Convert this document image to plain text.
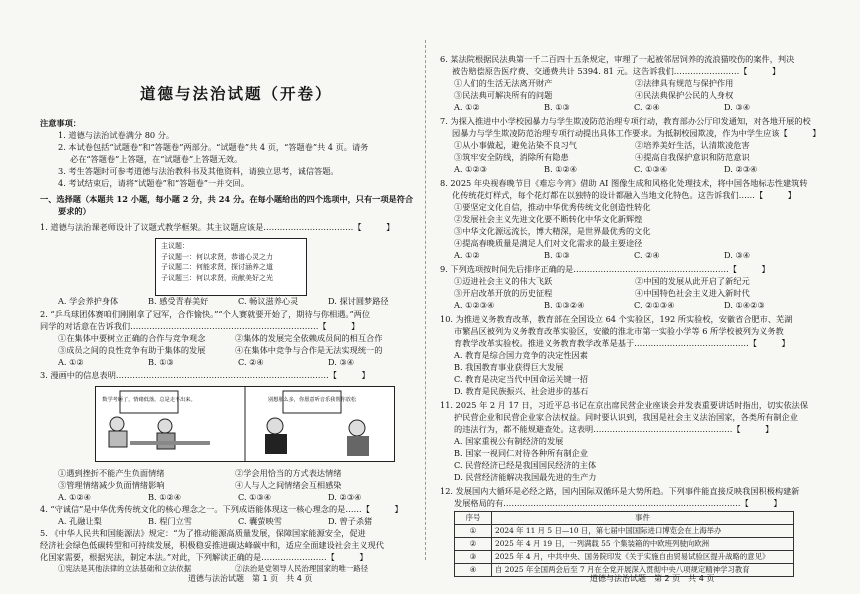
道德与法治试题（开卷）
注意事项：
1. 道德与法治试卷满分 80 分。
2. 本试卷包括“试题卷”和“答题卷”两部分。“试题卷”共 4 页，“答题卷”共 4 页。请务
必在“答题卷”上答题，在“试题卷”上答题无效。
3. 考生答题时可参考道德与法治教科书及其他资料，请独立思考，诚信答题。
4. 考试结束后，请将“试题卷”和“答题卷”一并交回。
一、选择题（本题共 12 小题，每小题 2 分，共 24 分。在每小题给出的四个选项中，只有一项是符合
要求的）
1. 道德与法治课老师设计了议题式教学框架。其主议题应该是……………………………【　　　】
主议题：
子议题一：何以求贤，恭谱心灵之力
子议题二：何能求贤，探讨涵养之道
子议题三：何以求贤，贡献美好之光
A. 学会养护身体	B. 感受青春美好	C. 畅议滋养心灵	D. 探讨圆梦路径
2. “乒乓球团体赛咱们刚刚拿了冠军，合作愉快。”“个人赛就要开始了，期待与你相遇。”两位
同学的对话意在告诉我们……………………………………………………………【　　　】
①在集体中要树立正确的合作与竞争观念	②集体的发展完全依赖成员间的相互合作
③成员之间的良性竞争有助于集体的发展	④在集体中竞争与合作是无法实现统一的
A. ①②	B. ①③	C. ②④	D. ③④
3. 漫画中的信息表明……………………………………………………………………【　　　】
数学考砸了，情绪低落，总是走不出来。	别想那么多，你愿意听音乐我帮你放松
①遇到挫折不能产生负面情绪	②学会用恰当的方式表达情绪
③管理情绪减少负面情绪影响	④人与人之间情绪会互相感染
A. ①②④	B. ①②④	C. ①③④	D. ②③④
4. “守诚信”是中华优秀传统文化的核心理念之一。下列成语能体现这一核心理念的是……【　　　】
A. 孔融让梨	B. 程门立雪	C. 囊萤映雪	D. 曾子杀猪
5. 《中华人民共和国能源法》规定：“为了推动能源高质量发展，保障国家能源安全，促进
经济社会绿色低碳转型和可持续发展，积极稳妥推进碳达峰碳中和，适应全面建设社会主义现代
化国家需要，根据宪法，制定本法。”对此，下列解读正确的是……………………【　　　】
①宪法是其他法律的立法基础和立法依据	②法治是党领导人民治理国家的唯一路径
6. 某法院根据民法典第一千二百四十五条规定，审理了一起被邻居饲养的流浪猫咬伤的案件，判决
被告赔偿原告医疗费、交通费共计 5394. 81 元。这告诉我们……………………【　　　】
①人们的生活无法离开财产	②法律具有规范与保护作用
③民法典可解决所有的问题	④民法典保护公民的人身权
A. ①②	B. ①③	C. ②④	D. ③④
7. 为探入推进中小学校园暴力与学生欺凌防范治理专项行动，教育部办公厅印发通知，对各地开展的校
园暴力与学生欺凌防范治理专项行动提出具体工作要求。为抵制校园欺凌，作为中学生应该【　　　】
①从小事做起，避免沾染不良习气	②培养美好生活，认清欺凌危害
③筑牢安全防线，消除所有隐患	④提高自我保护意识和防范意识
A. ①②③	B. ①②④	C. ①③④	D. ②③④
8. 2025 年央视春晚节目《难忘今宵》借助 AI 图像生成和风格化处理技术，将中国各地标志性建筑转
化传统花灯样式，每个花灯都在以独特的设计都融入当地文化特色。这告诉我们……【　　　】
①要坚定文化自信，推动中华优秀传统文化创造性转化
②发展社会主义先进文化要不断转化中华文化新辉煌
③中华文化源远流长，博大精深，是世界最优秀的文化
④提高春晚质量是满足人们对文化需求的最主要途径
A. ①②	B. ①③	C. ②④	D. ③④
9. 下列选项按时间先后排序正确的是…………………………………………………【　　　】
①迈进社会主义的伟大飞跃	②中国的发展从此开启了新纪元
③开启改革开放的历史征程	④中国特色社会主义进入新时代
A. ①②③④	B. ①③②④	C. ②①③④	D. ①④②③
10. 为推进义务教育改革，教育部在全国设立 64 个实验区，192 所实验校，安徽省合肥市、芜湖
市繁昌区被列为义务教育改革实验区，安徽的淮北市第一实验小学等 6 所学校被列为义务教
育教学改革实验校。推进义务教育教学改革是基于……………………………………【　　　】
A. 教育是综合国力竞争的决定性因素
B. 我国教育事业获得巨大发展
C. 教育是决定当代中国命运关键一招
D. 教育是民族振兴、社会进步的基石
11. 2025 年 2 月 17 日，习近平总书记在京出席民营企业座谈会并发表重要讲话时指出，切实依法保
护民营企业和民营企业家合法权益。同时要认识到，我国是社会主义法治国家，各类所有制企业
的违法行为，都不能规避查处。这表明……………………………………………【　　　】
A. 国家重视公有制经济的发展
B. 国家一视同仁对待各种所有制企业
C. 民营经济已经是我国国民经济的主体
D. 民营经济能解决我国最先进的生产力
12. 发展国内大循环是必经之路，国内国际双循环是大势所趋。下列事件能直接反映我国积极构建新
发展格局的有……………………………………………………………………………【　　　】
序号	事件
①	2024 年 11 月 5 日—10 日，第七届中国国际进口博览会在上海举办
②	2025 年 4 月 19 日，一列满载 55 个集装箱的中欧班列驶向欧洲
③	2025 年 4 月，中共中央、国务院印发《关于实施自由贸易试验区提升战略的意见》
④	自 2025 年全国两会后至 7 月在全党开展深入贯彻中央八项规定精神学习教育
道德与法治试题　第 1 页　共 4 页	道德与法治试题　第 2 页　共 4 页
